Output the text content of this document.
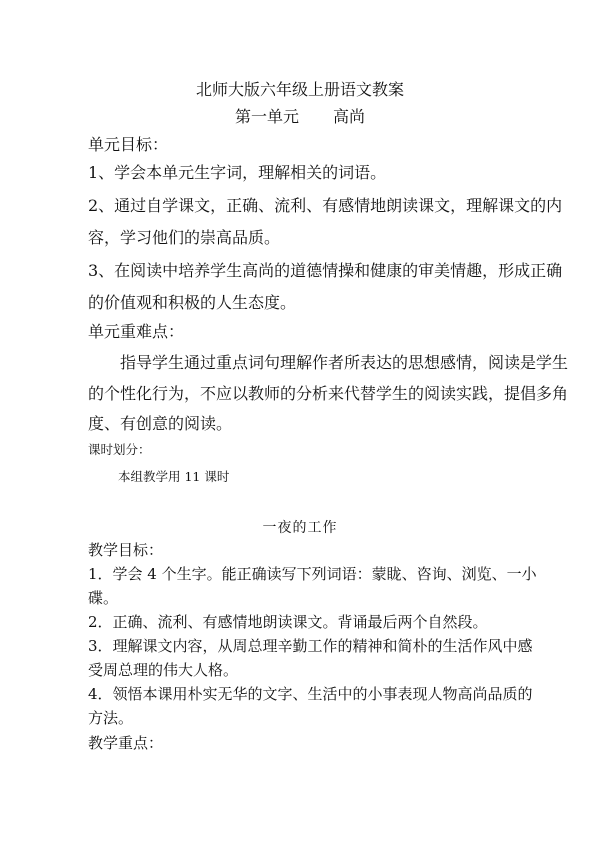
北师大版六年级上册语文教案
第一单元 高尚
单元目标：
1、学会本单元生字词，理解相关的词语。
2、通过自学课文，正确、流利、有感情地朗读课文，理解课文的内
容，学习他们的崇高品质。
3、在阅读中培养学生高尚的道德情操和健康的审美情趣，形成正确
的价值观和积极的人生态度。
单元重难点：
指导学生通过重点词句理解作者所表达的思想感情，阅读是学生
的个性化行为，不应以教师的分析来代替学生的阅读实践，提倡多角
度、有创意的阅读。
课时划分：
本组教学用 11 课时
一夜的工作
教学目标：
1．学会 4 个生字。能正确读写下列词语：蒙眬、咨询、浏览、一小
碟。
2．正确、流利、有感情地朗读课文。背诵最后两个自然段。
3．理解课文内容，从周总理辛勤工作的精神和简朴的生活作风中感
受周总理的伟大人格。
4．领悟本课用朴实无华的文字、生活中的小事表现人物高尚品质的
方法。
教学重点：
